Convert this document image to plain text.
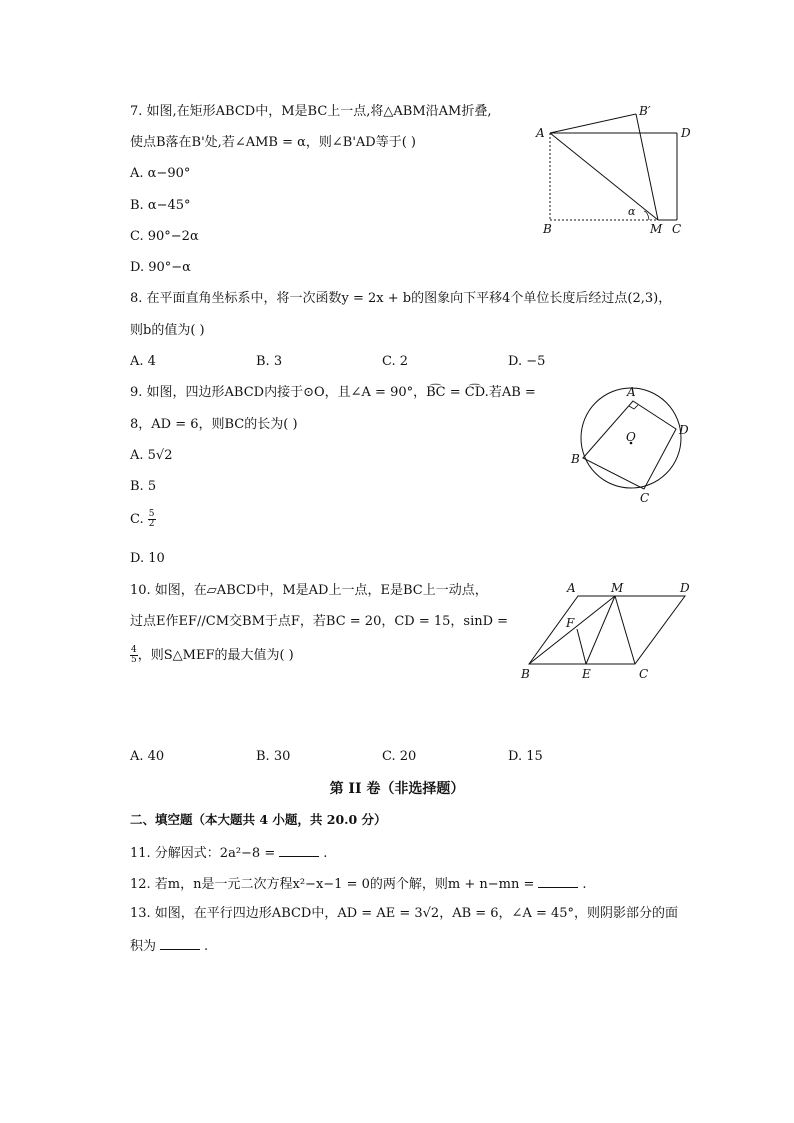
7. 如图,在矩形ABCD中，M是BC上一点,将△ABM沿AM折叠,
使点B落在B'处,若∠AMB = α，则∠B'AD等于( )
A. α−90°
B. α−45°
C. 90°−2α
D. 90°−α
A
B′
D
B	M C
α
8. 在平面直角坐标系中，将一次函数y = 2x + b的图象向下平移4个单位长度后经过点(2,3)，
则b的值为( )
A. 4	B. 3	C. 2	D. −5
9. 如图，四边形ABCD内接于⊙O，且∠A = 90°，B͡C = C͡D.若AB =
8，AD = 6，则BC的长为( )
A. 5√2
B. 5
C. $\frac{5}{2}$
D. 10
A
O	D
B
C
10. 如图，在▱ABCD中，M是AD上一点，E是BC上一动点，
过点E作EF//CM交BM于点F，若BC = 20，CD = 15，sinD =
$\frac{4}{5}$ ，则S△MEF的最大值为( )
A	M	D
F
B	E	C
A. 40	B. 30	C. 20	D. 15
第 II 卷（非选择题）
二、填空题（本大题共 4 小题，共 20.0 分）
11. 分解因式：2a²−8 =	.
12. 若m，n是一元二次方程x²−x−1 = 0的两个解，则m + n−mn =	.
13. 如图，在平行四边形ABCD中，AD = AE = 3√2，AB = 6，∠A = 45°，则阴影部分的面
积为	.
